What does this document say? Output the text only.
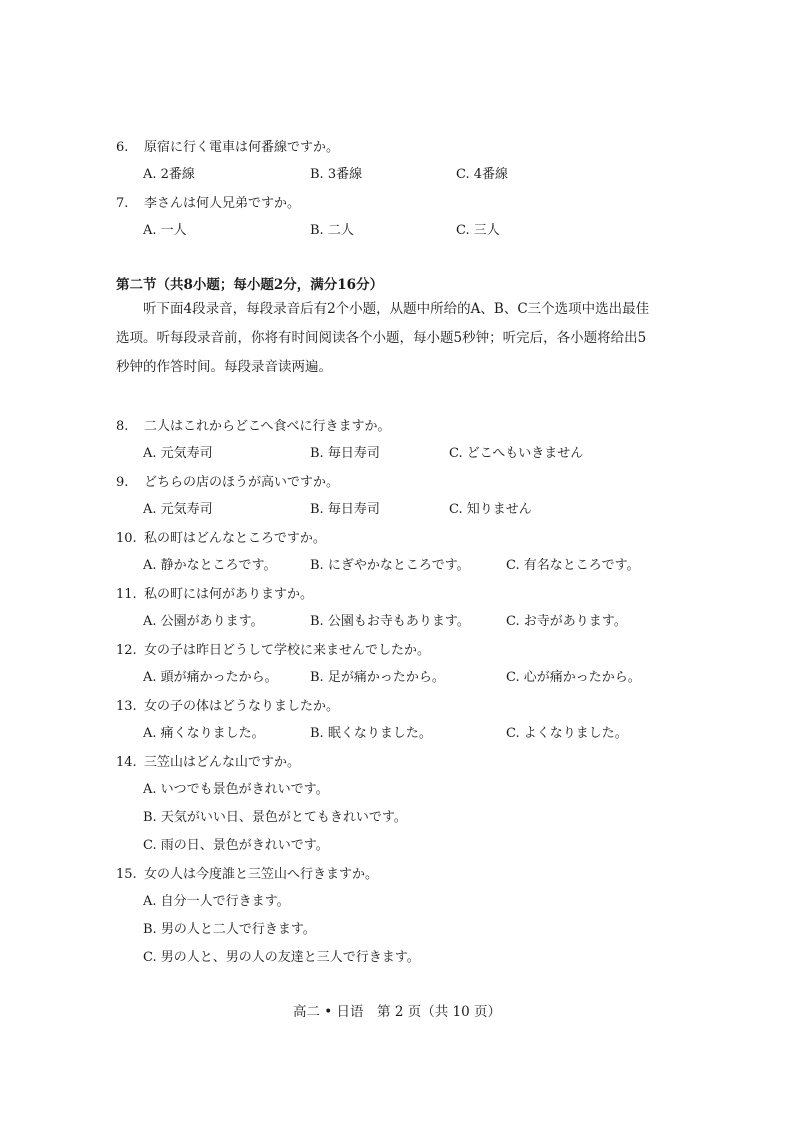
6. 原宿に行く電車は何番線ですか。
A. 2番線	B. 3番線	C. 4番線
7. 李さんは何人兄弟ですか。
A. 一人	B. 二人	C. 三人
第二节（共8小题；每小题2分，满分16分）
听下面4段录音，每段录音后有2个小题，从题中所给的A、B、C三个选项中选出最佳
选项。听每段录音前，你将有时间阅读各个小题，每小题5秒钟；听完后，各小题将给出5
秒钟的作答时间。每段录音读两遍。
8. 二人はこれからどこへ食べに行きますか。
A. 元気寿司	B. 毎日寿司	C. どこへもいきません
9. どちらの店のほうが高いですか。
A. 元気寿司	B. 毎日寿司	C. 知りません
10. 私の町はどんなところですか。
A. 静かなところです。	B. にぎやかなところです。	C. 有名なところです。
11. 私の町には何がありますか。
A. 公園があります。	B. 公園もお寺もあります。	C. お寺があります。
12. 女の子は昨日どうして学校に来ませんでしたか。
A. 頭が痛かったから。 B. 足が痛かったから。	C. 心が痛かったから。
13. 女の子の体はどうなりましたか。
A. 痛くなりました。	B. 眠くなりました。	C. よくなりました。
14. 三笠山はどんな山ですか。
A. いつでも景色がきれいです。
B. 天気がいい日、景色がとてもきれいです。
C. 雨の日、景色がきれいです。
15. 女の人は今度誰と三笠山へ行きますか。
A. 自分一人で行きます。
B. 男の人と二人で行きます。
C. 男の人と、男の人の友達と三人で行きます。
高二 • 日语　第 2 页（共 10 页）
